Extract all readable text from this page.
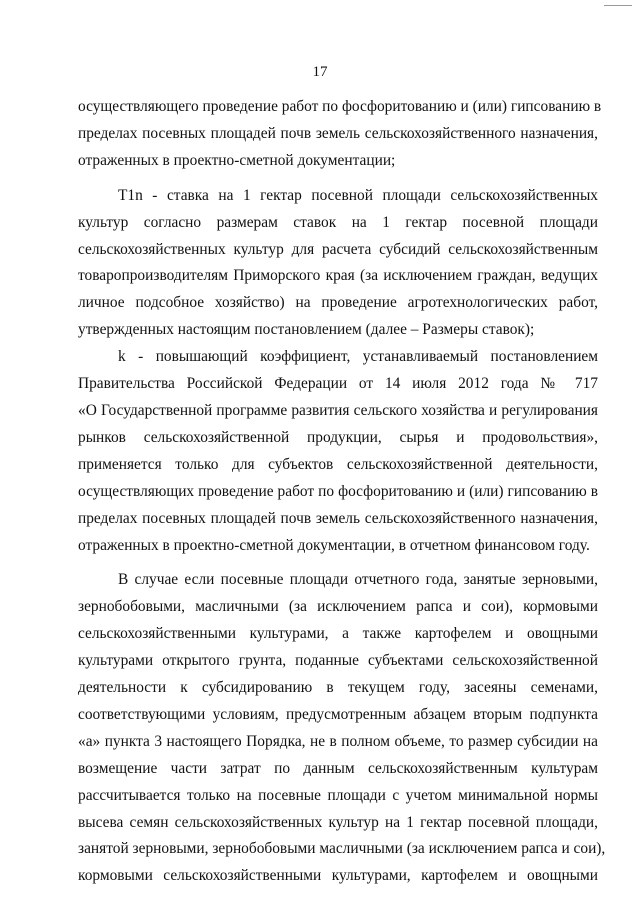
17
осуществляющего проведение работ по фосфоритованию и (или) гипсованию в
пределах посевных площадей почв земель сельскохозяйственного назначения,
отраженных в проектно-сметной документации;
T1n - ставка на 1 гектар посевной площади сельскохозяйственных
культур согласно размерам ставок на 1 гектар посевной площади
сельскохозяйственных культур для расчета субсидий сельскохозяйственным
товаропроизводителям Приморского края (за исключением граждан, ведущих
личное подсобное хозяйство) на проведение агротехнологических работ,
утвержденных настоящим постановлением (далее – Размеры ставок);
k - повышающий коэффициент, устанавливаемый постановлением
Правительства Российской Федерации от 14 июля 2012 года № 717
«О Государственной программе развития сельского хозяйства и регулирования
рынков сельскохозяйственной продукции, сырья и продовольствия»,
применяется только для субъектов сельскохозяйственной деятельности,
осуществляющих проведение работ по фосфоритованию и (или) гипсованию в
пределах посевных площадей почв земель сельскохозяйственного назначения,
отраженных в проектно-сметной документации, в отчетном финансовом году.
В случае если посевные площади отчетного года, занятые зерновыми,
зернобобовыми, масличными (за исключением рапса и сои), кормовыми
сельскохозяйственными культурами, а также картофелем и овощными
культурами открытого грунта, поданные субъектами сельскохозяйственной
деятельности к субсидированию в текущем году, засеяны семенами,
соответствующими условиям, предусмотренным абзацем вторым подпункта
«а» пункта 3 настоящего Порядка, не в полном объеме, то размер субсидии на
возмещение части затрат по данным сельскохозяйственным культурам
рассчитывается только на посевные площади с учетом минимальной нормы
высева семян сельскохозяйственных культур на 1 гектар посевной площади,
занятой зерновыми, зернобобовыми масличными (за исключением рапса и сои),
кормовыми сельскохозяйственными культурами, картофелем и овощными
